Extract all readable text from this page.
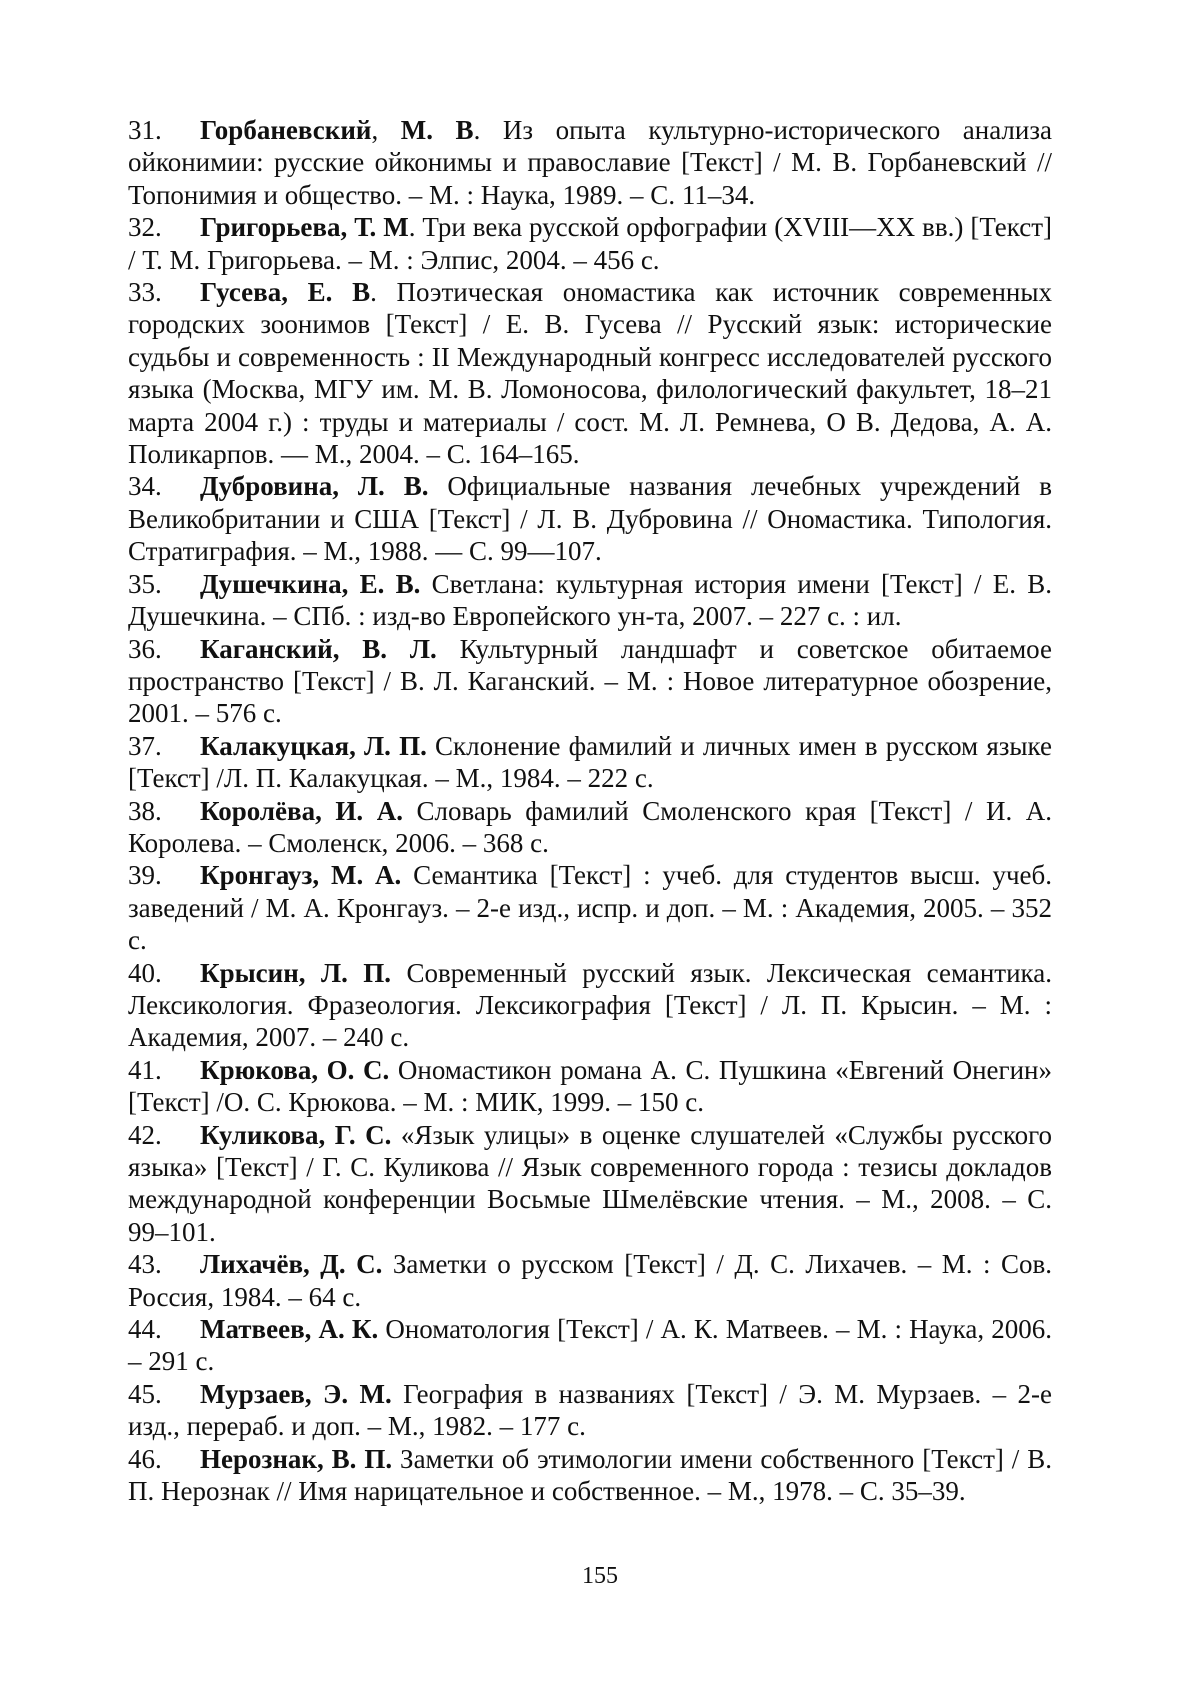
31. Горбаневский, М. В. Из опыта культурно-исторического анализа ойконимии: русские ойконимы и православие [Текст] / М. В. Горбаневский // Топонимия и общество. – М. : Наука, 1989. – С. 11–34.

32. Григорьева, Т. М. Три века русской орфографии (XVIII—XX вв.) [Текст] / Т. М. Григорьева. – М. : Элпис, 2004. – 456 с.

33. Гусева, Е. В. Поэтическая ономастика как источник современных городских зоонимов [Текст] / Е. В. Гусева // Русский язык: исторические судьбы и современность : II Международный конгресс исследователей русского языка (Москва, МГУ им. М. В. Ломоносова, филологический факультет, 18–21 марта 2004 г.) : труды и материалы / сост. М. Л. Ремнева, О В. Дедова, А. А. Поликарпов. — М., 2004. – С. 164–165.

34. Дубровина, Л. В. Официальные названия лечебных учреждений в Великобритании и США [Текст] / Л. В. Дубровина // Ономастика. Типология. Стратиграфия. – М., 1988. — С. 99—107.

35. Душечкина, Е. В. Светлана: культурная история имени [Текст] / Е. В. Душечкина. – СПб. : изд-во Европейского ун-та, 2007. – 227 с. : ил.

36. Каганский, В. Л. Культурный ландшафт и советское обитаемое пространство [Текст] / В. Л. Каганский. – М. : Новое литературное обозрение, 2001. – 576 с.

37. Калакуцкая, Л. П. Склонение фамилий и личных имен в русском языке [Текст] /Л. П. Калакуцкая. – М., 1984. – 222 с.

38. Королёва, И. А. Словарь фамилий Смоленского края [Текст] / И. А. Королева. – Смоленск, 2006. – 368 с.

39. Кронгауз, М. А. Семантика [Текст] : учеб. для студентов высш. учеб. заведений / М. А. Кронгауз. – 2-е изд., испр. и доп. – М. : Академия, 2005. – 352 с.

40. Крысин, Л. П. Современный русский язык. Лексическая семантика. Лексикология. Фразеология. Лексикография [Текст] / Л. П. Крысин. – М. : Академия, 2007. – 240 с.

41. Крюкова, О. С. Ономастикон романа А. С. Пушкина «Евгений Онегин» [Текст] /О. С. Крюкова. – М. : МИК, 1999. – 150 с.

42. Куликова, Г. С. «Язык улицы» в оценке слушателей «Службы русского языка» [Текст] / Г. С. Куликова // Язык современного города : тезисы докладов международной конференции Восьмые Шмелёвские чтения. – М., 2008. – С. 99–101.

43. Лихачёв, Д. С. Заметки о русском [Текст] / Д. С. Лихачев. – М. : Сов. Россия, 1984. – 64 с.

44. Матвеев, А. К. Ономатология [Текст] / А. К. Матвеев. – М. : Наука, 2006. – 291 с.

45. Мурзаев, Э. М. География в названиях [Текст] / Э. М. Мурзаев. – 2-е изд., перераб. и доп. – М., 1982. – 177 с.

46. Нерознак, В. П. Заметки об этимологии имени собственного [Текст] / В. П. Нерознак // Имя нарицательное и собственное. – М., 1978. – С. 35–39.

155
